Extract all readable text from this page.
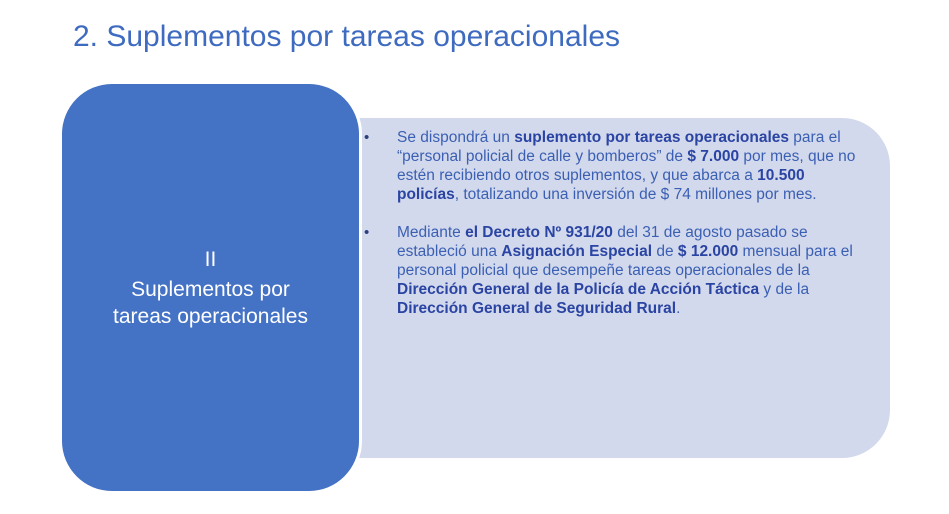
2. Suplementos por tareas operacionales
II
Suplementos por
tareas operacionales
• Se dispondrá un suplemento por tareas operacionales para el “personal policial de calle y bomberos” de $ 7.000 por mes, que no estén recibiendo otros suplementos, y que abarca a 10.500 policías, totalizando una inversión de $ 74 millones por mes.
• Mediante el Decreto Nº 931/20 del 31 de agosto pasado se estableció una Asignación Especial de $ 12.000 mensual para el personal policial que desempeñe tareas operacionales de la Dirección General de la Policía de Acción Táctica y de la Dirección General de Seguridad Rural.
